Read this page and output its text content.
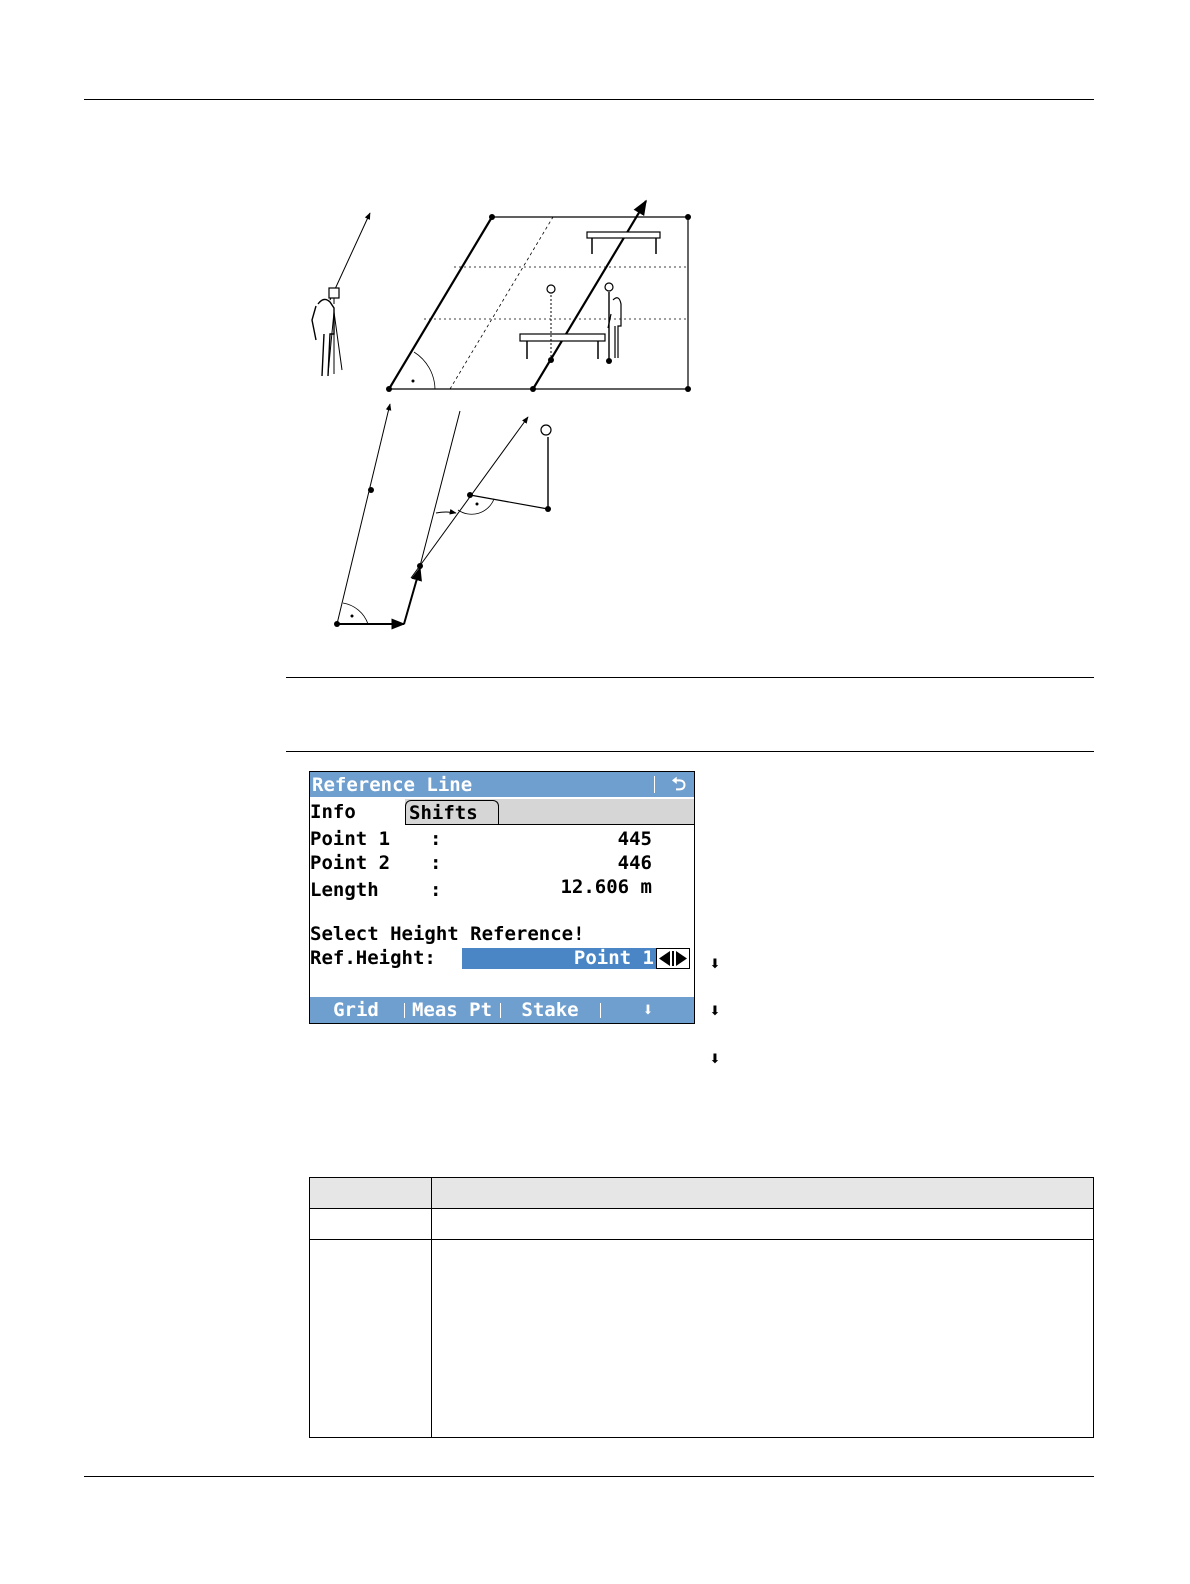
Reference Line	⮌
Info	Shifts
Point 1 :	445
Point 2 :	446
Length	:	12.606 m
Select Height Reference!
Ref.Height:	Point 1
Grid	Meas Pt	Stake	⬇
⬇
⬇
⬇
